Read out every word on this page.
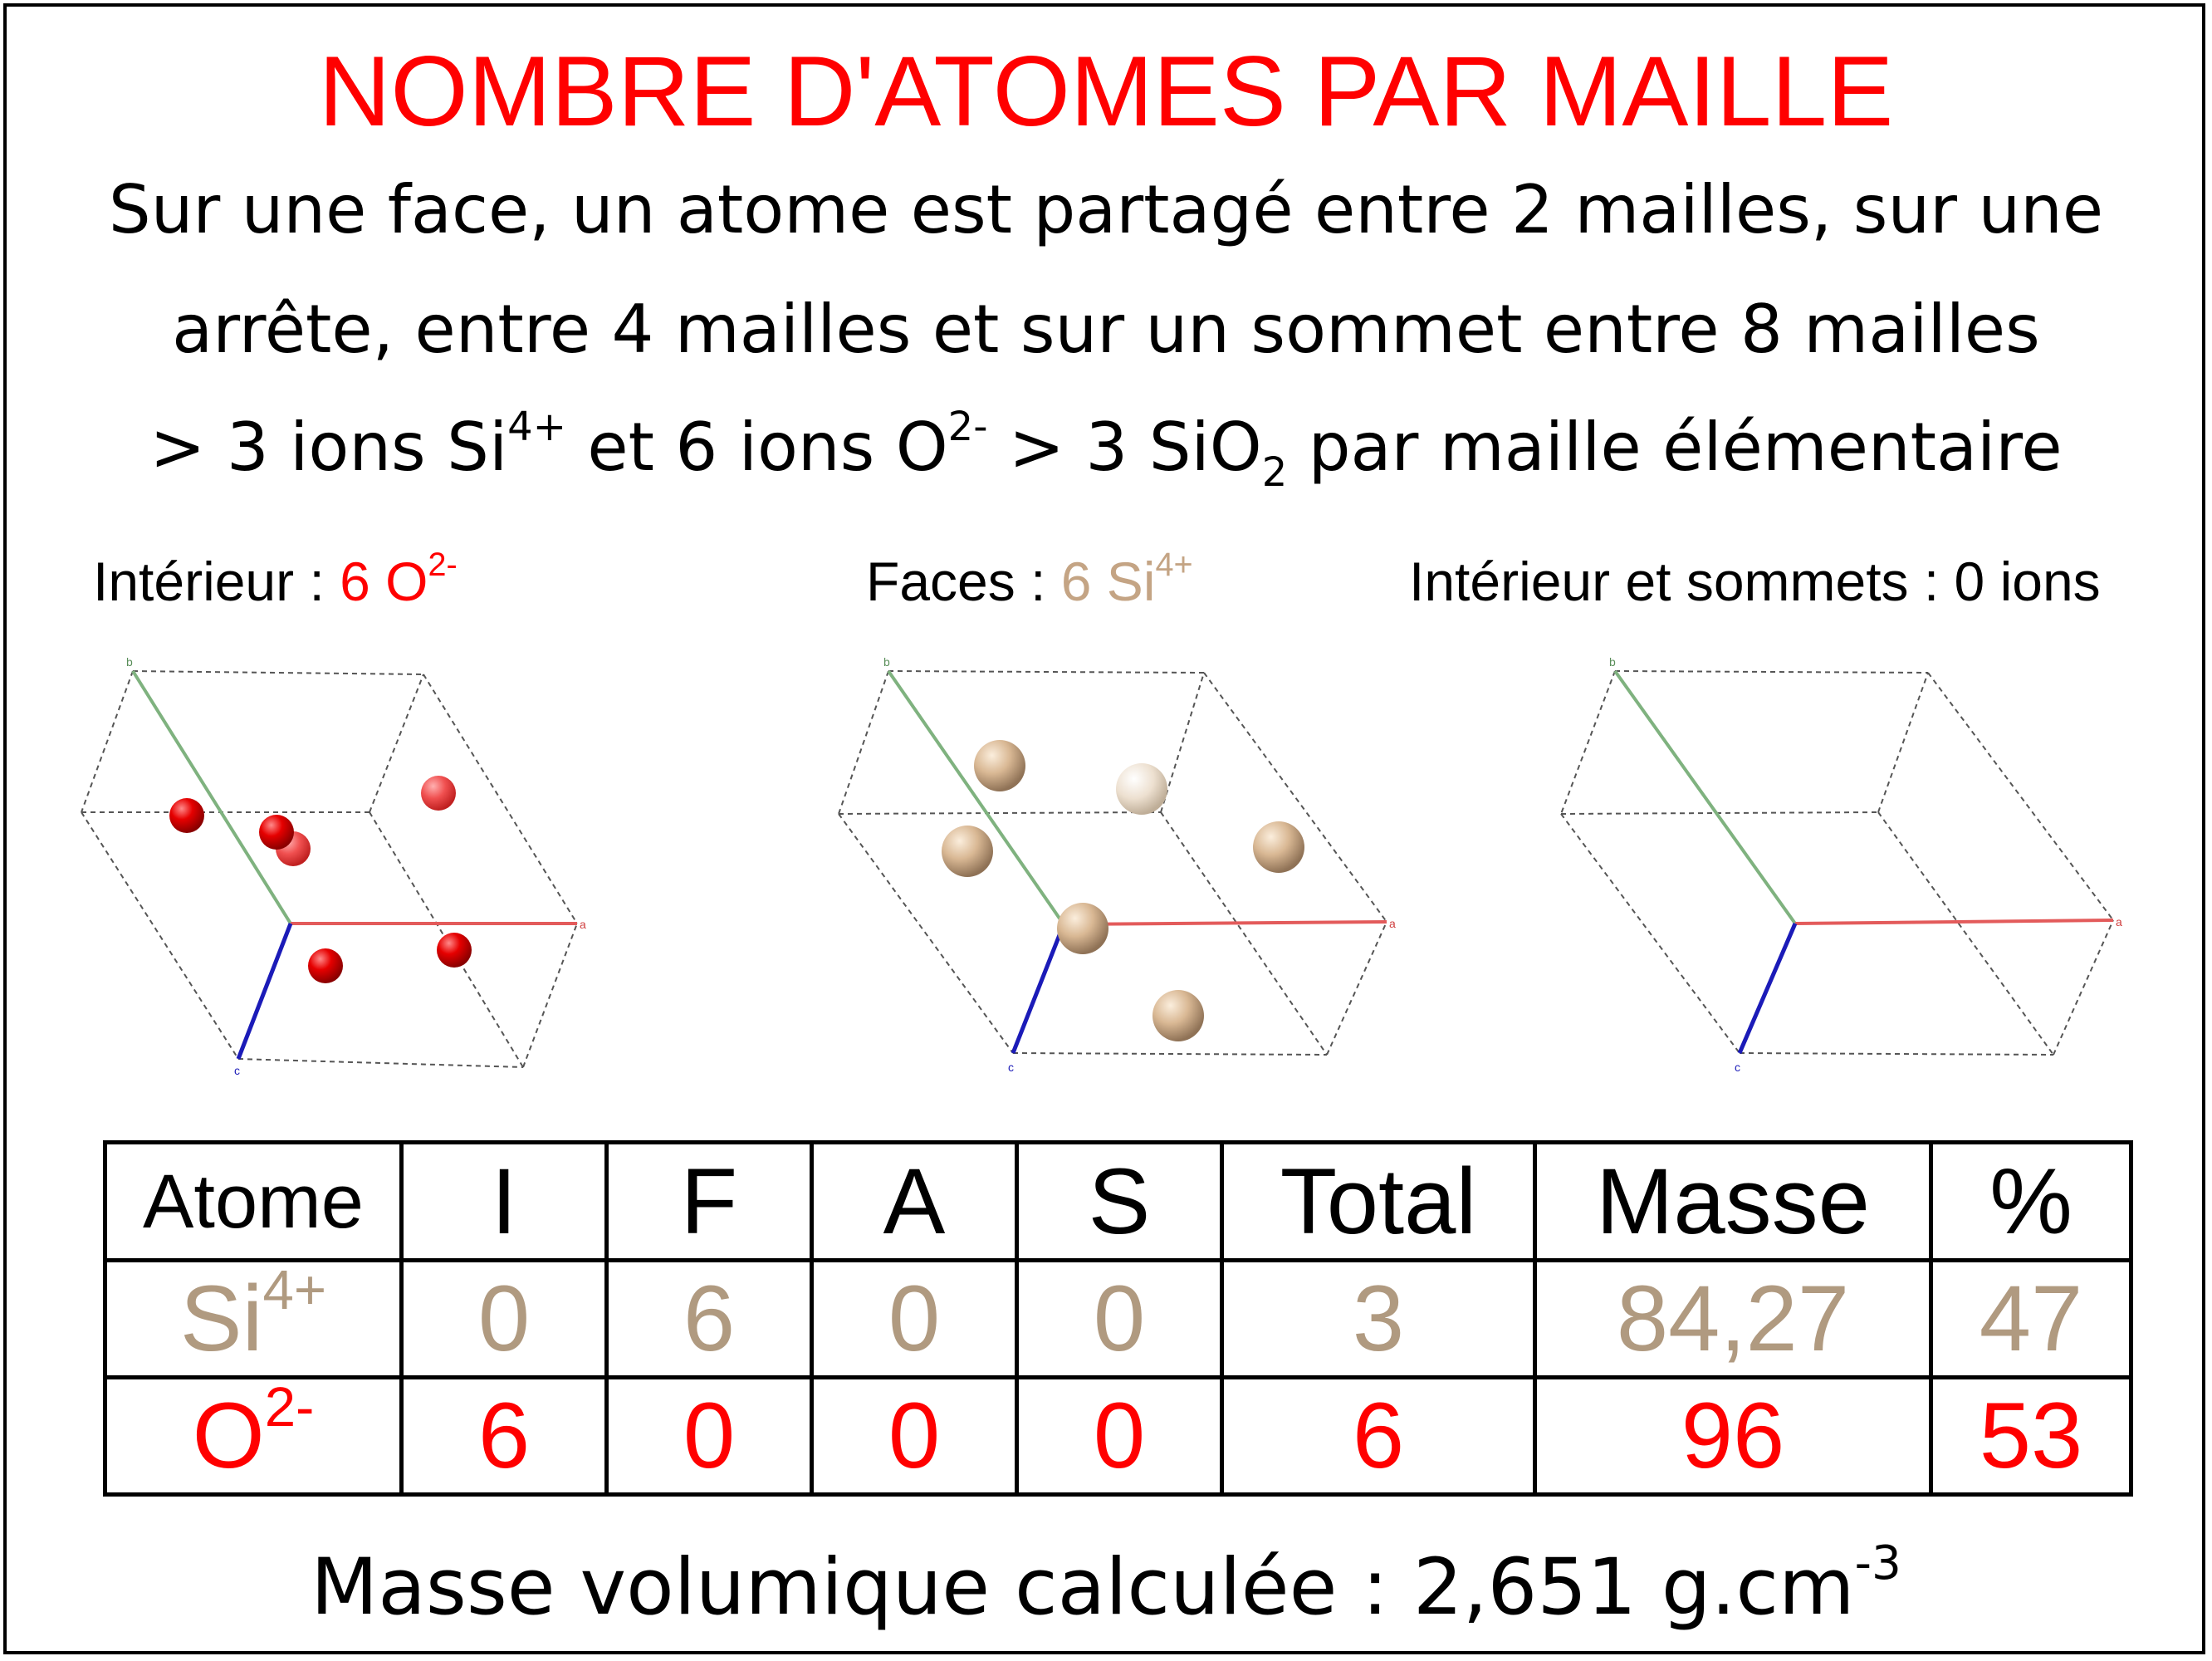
NOMBRE D'ATOMES PAR MAILLE
Sur une face, un atome est partagé entre 2 mailles, sur une
arrête, entre 4 mailles et sur un sommet entre 8 mailles
> 3 ions $Si^{4+}$ et 6 ions $O^{2-} > 3$ SiO$_2$ par maille élémentaire
Intérieur : 6 $O^{2-}$	Faces : 6 $Si^{4+}$	Intérieur et sommets : 0 ions
b
a
c
b
a
c
b
a
c
Atome	I	F	A	S	Total	Masse	%
$Si^{4+}$	0	6	0	0	3	84,27	47
$O^{2-}$	6	0	0	0	6	96	53
Masse volumique calculée : 2,651 $g.cm^{-3}$
